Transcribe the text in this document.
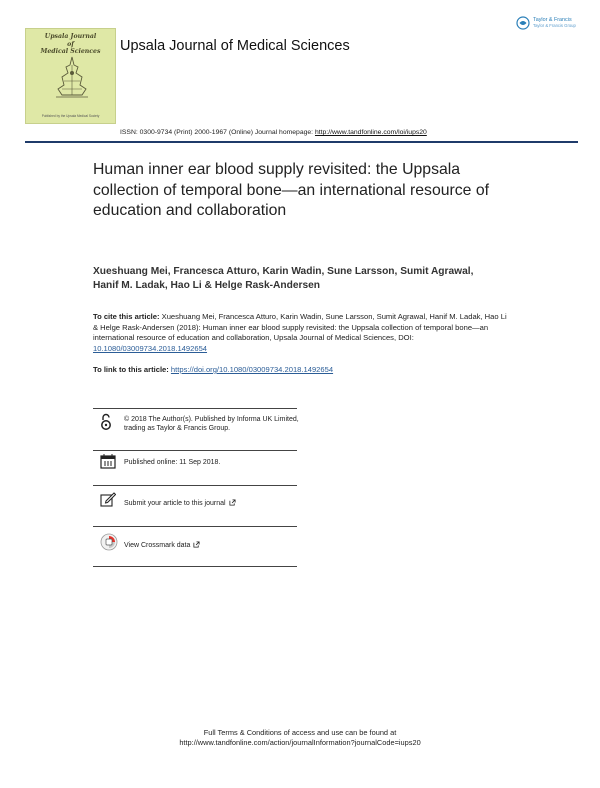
Upsala Journal
of
Medical Sciences
Published by the Upsala Medical Society
Upsala Journal of Medical Sciences
Taylor & Francis
Taylor & Francis Group
ISSN: 0300-9734 (Print) 2000-1967 (Online) Journal homepage: http://www.tandfonline.com/loi/iups20
Human inner ear blood supply revisited: the Uppsala collection of temporal bone—an international resource of education and collaboration
Xueshuang Mei, Francesca Atturo, Karin Wadin, Sune Larsson, Sumit Agrawal, Hanif M. Ladak, Hao Li & Helge Rask-Andersen
To cite this article: Xueshuang Mei, Francesca Atturo, Karin Wadin, Sune Larsson, Sumit Agrawal, Hanif M. Ladak, Hao Li & Helge Rask-Andersen (2018): Human inner ear blood supply revisited: the Uppsala collection of temporal bone—an international resource of education and collaboration, Upsala Journal of Medical Sciences, DOI: 10.1080/03009734.2018.1492654
To link to this article: https://doi.org/10.1080/03009734.2018.1492654
© 2018 The Author(s). Published by Informa UK Limited, trading as Taylor & Francis Group.
Published online: 11 Sep 2018.
Submit your article to this journal
View Crossmark data
Full Terms & Conditions of access and use can be found at
http://www.tandfonline.com/action/journalInformation?journalCode=iups20
